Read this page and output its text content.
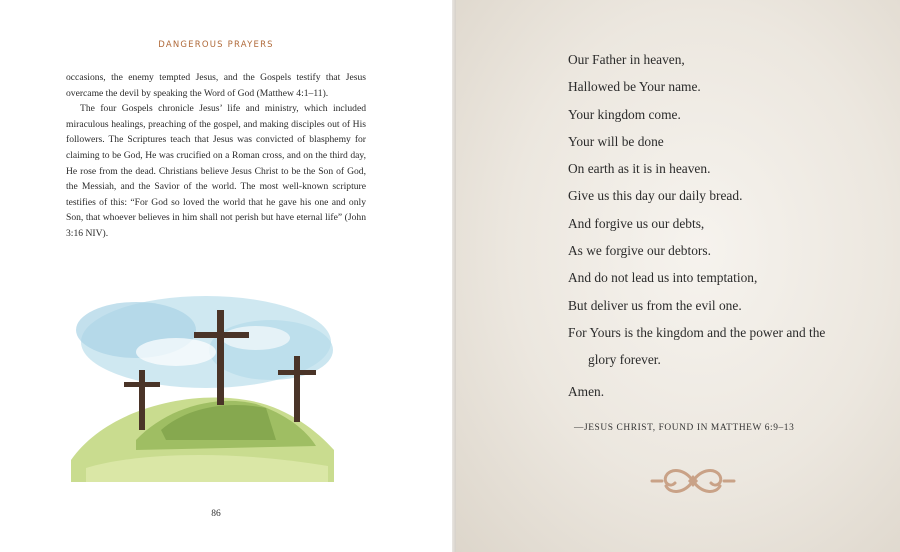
DANGEROUS PRAYERS

occasions, the enemy tempted Jesus, and the Gospels testify that Jesus overcame the devil by speaking the Word of God (Matthew 4:1–11).

The four Gospels chronicle Jesus’ life and ministry, which included miraculous healings, preaching of the gospel, and making disciples out of His followers. The Scriptures teach that Jesus was convicted of blasphemy for claiming to be God, He was crucified on a Roman cross, and on the third day, He rose from the dead. Christians believe Jesus Christ to be the Son of God, the Messiah, and the Savior of the world. The most well-known scripture testifies of this: “For God so loved the world that he gave his one and only Son, that whoever believes in him shall not perish but have eternal life” (John 3:16 NIV).

86
Our Father in heaven,
Hallowed be Your name.
Your kingdom come.
Your will be done
On earth as it is in heaven.
Give us this day our daily bread.
And forgive us our debts,
As we forgive our debtors.
And do not lead us into temptation,
But deliver us from the evil one.
For Yours is the kingdom and the power and the
glory forever.
Amen.
—JESUS CHRIST, FOUND IN MATTHEW 6:9–13
